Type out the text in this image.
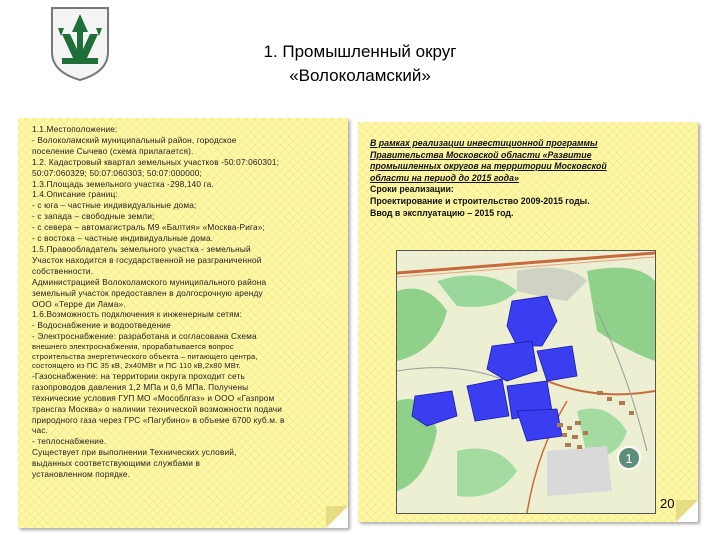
1. Промышленный округ
«Волоколамский»
1.1.Местоположение:
- Волоколамский муниципальный район, городское
поселение Сычево (схема прилагается).
1.2. Кадастровый квартал земельных участков -50:07:060301;
50:07:060329; 50:07:060303; 50:07:000000;
1.3.Площадь земельного участка -298,140 га.
1.4.Описание границ:
- с юга – частные индивидуальные дома;
- с запада – свободные земли;
- с севера – автомагистраль М9 «Балтия» «Москва-Рига»;
- с востока – частные индивидуальные дома.
1.5.Правообладатель земельного участка - земельный
Участок находится в государственной не разграниченной
собственности.
Администрацией Волоколамского муниципального района
земельный участок предоставлен в долгосрочную аренду
ООО «Терре ди Лама».
1.6.Возможность подключения к инженерным сетям:
- Водоснабжение и водоотведение
- Электроснабжение: разработана и согласована Схема
внешнего электроснабжения, прорабатывается вопрос
строительства энергетического объекта – питающего центра,
состоящего из ПС 35 кВ, 2х40МВт и ПС 110 кВ,2х80 МВт.
-Газоснабжение: на территории округа проходит сеть
газопроводов давления 1,2 МПа и 0,6 МПа. Получены
технические условия ГУП МО «Мособлгаз» и ООО «Газпром
трансгаз Москва» о наличии технической возможности подачи
природного газа через ГРС «Пагубино» в объеме 6700 куб.м. в
час.
- теплоснабжение.
Существует при выполнении Технических условий,
выданных соответствующими службами в
установленном порядке.
В рамках реализации инвестиционной программы
Правительства Московской области «Развитие
промышленных округов на территории Московской
области на период до 2015 года»
Сроки реализации:
Проектирование и строительство 2009-2015 годы.
Ввод в эксплуатацию – 2015 год.
1
20
